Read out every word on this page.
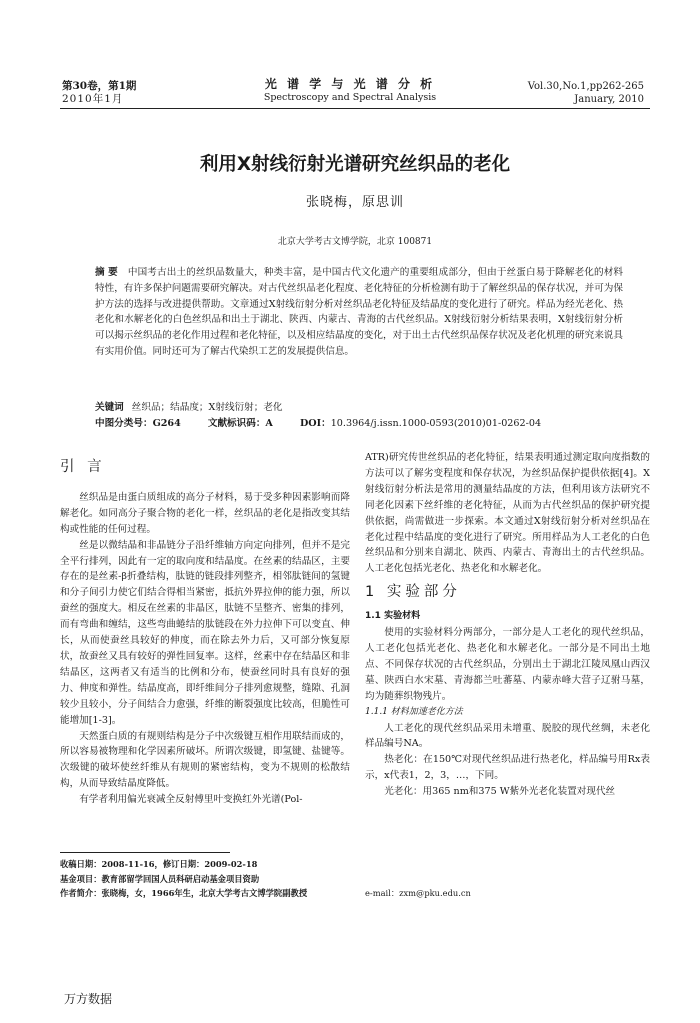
第30卷，第1期
2010年1月
光 谱 学 与 光 谱 分 析
Spectroscopy and Spectral Analysis
Vol.30,No.1,pp262-265
January, 2010
利用X射线衍射光谱研究丝织品的老化
张晓梅，原思训
北京大学考古文博学院，北京 100871
摘 要 中国考古出土的丝织品数量大，种类丰富，是中国古代文化遗产的重要组成部分，但由于丝蛋白易于降解老化的材料特性，有许多保护问题需要研究解决。对古代丝织品老化程度、老化特征的分析检测有助于了解丝织品的保存状况，并可为保护方法的选择与改进提供帮助。文章通过X射线衍射分析对丝织品老化特征及结晶度的变化进行了研究。样品为经光老化、热老化和水解老化的白色丝织品和出土于湖北、陕西、内蒙古、青海的古代丝织品。X射线衍射分析结果表明，X射线衍射分析可以揭示丝织品的老化作用过程和老化特征，以及相应结晶度的变化，对于出土古代丝织品保存状况及老化机理的研究来说具有实用价值。同时还可为了解古代染织工艺的发展提供信息。
关键词 丝织品；结晶度；X射线衍射；老化
中图分类号：G264	文献标识码：A	DOI：10.3964/j.issn.1000-0593(2010)01-0262-04
引 言

丝织品是由蛋白质组成的高分子材料，易于受多种因素影响而降解老化。如同高分子聚合物的老化一样，丝织品的老化是指改变其结构或性能的任何过程。

丝是以微结晶和非晶链分子沿纤维轴方向定向排列，但并不是完全平行排列，因此有一定的取向度和结晶度。在丝素的结晶区，主要存在的是丝素-β折叠结构，肽链的链段排列整齐，相邻肽链间的氢键和分子间引力使它们结合得相当紧密，抵抗外界拉伸的能力强，所以蚕丝的强度大。相反在丝素的非晶区，肽链不呈整齐、密集的排列，而有弯曲和缠结，这些弯曲蜷结的肽链段在外力拉伸下可以变直、伸长，从而使蚕丝具较好的伸度，而在除去外力后，又可部分恢复原状，故蚕丝又具有较好的弹性回复率。这样，丝素中存在结晶区和非结晶区，这两者又有适当的比例和分布，使蚕丝同时具有良好的强力、伸度和弹性。结晶度高，即纤维间分子排列愈规整，缝隙、孔洞较少且较小，分子间结合力愈强，纤维的断裂强度比较高，但脆性可能增加[1-3]。

天然蛋白质的有规则结构是分子中次级键互相作用联结而成的，所以容易被物理和化学因素所破坏。所谓次级键，即氢键、盐键等。次级键的破坏使丝纤维从有规则的紧密结构，变为不规则的松散结构，从而导致结晶度降低。

有学者利用偏光衰减全反射傅里叶变换红外光谱(Pol-

ATR)研究传世丝织品的老化特征，结果表明通过测定取向度指数的方法可以了解劣变程度和保存状况，为丝织品保护提供依据[4]。X射线衍射分析法是常用的测量结晶度的方法，但利用该方法研究不同老化因素下丝纤维的老化特征，从而为古代丝织品的保护研究提供依据，尚需做进一步探索。本文通过X射线衍射分析对丝织品在老化过程中结晶度的变化进行了研究。所用样品为人工老化的白色丝织品和分别来自湖北、陕西、内蒙古、青海出土的古代丝织品。人工老化包括光老化、热老化和水解老化。

1 实验部分
1.1 实验材料

使用的实验材料分两部分，一部分是人工老化的现代丝织品，人工老化包括光老化、热老化和水解老化。一部分是不同出土地点、不同保存状况的古代丝织品，分别出土于湖北江陵凤凰山西汉墓、陕西白水宋墓、青海都兰吐蕃墓、内蒙赤峰大营子辽驸马墓，均为随葬织物残片。

1.1.1 材料加速老化方法

人工老化的现代丝织品采用未增重、脱胶的现代丝绸，未老化样品编号NA。

热老化：在150℃对现代丝织品进行热老化，样品编号用Rx表示，x代表1，2，3，…，下同。

光老化：用365 nm和375 W紫外光老化装置对现代丝

收稿日期：2008-11-16，修订日期：2009-02-18
基金项目：教育部留学回国人员科研启动基金项目资助
作者简介：张晓梅，女，1966年生，北京大学考古文博学院副教授	e-mail：zxm@pku.edu.cn
万方数据
